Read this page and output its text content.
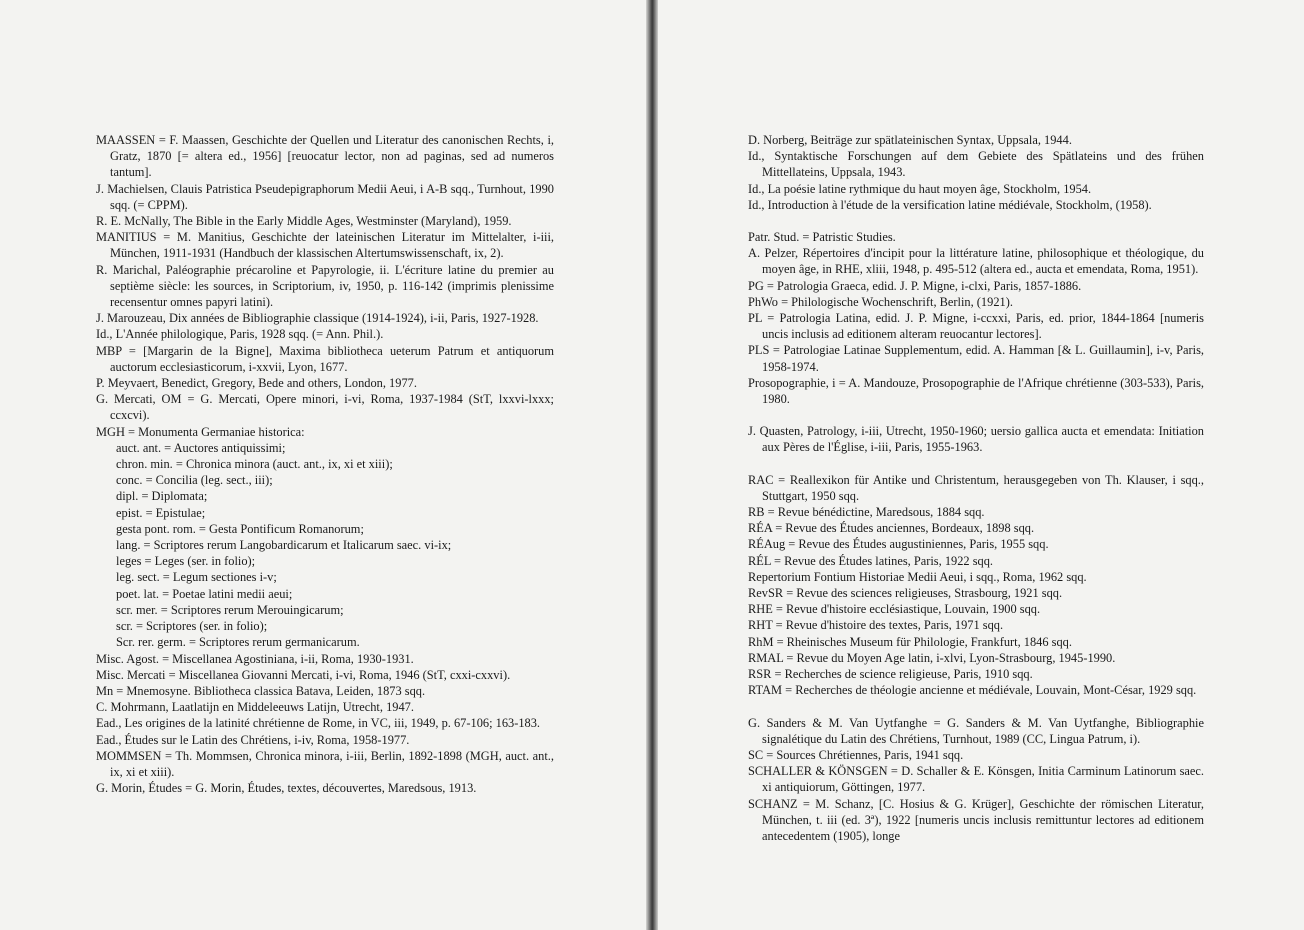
MAASSEN = F. Maassen, Geschichte der Quellen und Literatur des canonischen Rechts, i, Gratz, 1870 [= altera ed., 1956] [reuocatur lector, non ad paginas, sed ad numeros tantum].

J. Machielsen, Clauis Patristica Pseudepigraphorum Medii Aeui, i A-B sqq., Turnhout, 1990 sqq. (= CPPM).

R. E. McNally, The Bible in the Early Middle Ages, Westminster (Maryland), 1959.

MANITIUS = M. Manitius, Geschichte der lateinischen Literatur im Mittelalter, i-iii, München, 1911-1931 (Handbuch der klassischen Altertumswissenschaft, ix, 2).

R. Marichal, Paléographie précaroline et Papyrologie, ii. L'écriture latine du premier au septième siècle: les sources, in Scriptorium, iv, 1950, p. 116-142 (imprimis plenissime recensentur omnes papyri latini).

J. Marouzeau, Dix années de Bibliographie classique (1914-1924), i-ii, Paris, 1927-1928.

Id., L'Année philologique, Paris, 1928 sqq. (= Ann. Phil.).

MBP = [Margarin de la Bigne], Maxima bibliotheca ueterum Patrum et antiquorum auctorum ecclesiasticorum, i-xxvii, Lyon, 1677.

P. Meyvaert, Benedict, Gregory, Bede and others, London, 1977.

G. Mercati, OM = G. Mercati, Opere minori, i-vi, Roma, 1937-1984 (StT, lxxvi-lxxx; ccxcvi).

MGH = Monumenta Germaniae historica:

auct. ant. = Auctores antiquissimi;

chron. min. = Chronica minora (auct. ant., ix, xi et xiii);

conc. = Concilia (leg. sect., iii);

dipl. = Diplomata;

epist. = Epistulae;

gesta pont. rom. = Gesta Pontificum Romanorum;

lang. = Scriptores rerum Langobardicarum et Italicarum saec. vi-ix;

leges = Leges (ser. in folio);

leg. sect. = Legum sectiones i-v;

poet. lat. = Poetae latini medii aeui;

scr. mer. = Scriptores rerum Merouingicarum;

scr. = Scriptores (ser. in folio);

Scr. rer. germ. = Scriptores rerum germanicarum.

Misc. Agost. = Miscellanea Agostiniana, i-ii, Roma, 1930-1931.

Misc. Mercati = Miscellanea Giovanni Mercati, i-vi, Roma, 1946 (StT, cxxi-cxxvi).

Mn = Mnemosyne. Bibliotheca classica Batava, Leiden, 1873 sqq.

C. Mohrmann, Laatlatijn en Middeleeuws Latijn, Utrecht, 1947.

Ead., Les origines de la latinité chrétienne de Rome, in VC, iii, 1949, p. 67-106; 163-183.

Ead., Études sur le Latin des Chrétiens, i-iv, Roma, 1958-1977.

MOMMSEN = Th. Mommsen, Chronica minora, i-iii, Berlin, 1892-1898 (MGH, auct. ant., ix, xi et xiii).

G. Morin, Études = G. Morin, Études, textes, découvertes, Maredsous, 1913.

D. Norberg, Beiträge zur spätlateinischen Syntax, Uppsala, 1944.

Id., Syntaktische Forschungen auf dem Gebiete des Spätlateins und des frühen Mittellateins, Uppsala, 1943.

Id., La poésie latine rythmique du haut moyen âge, Stockholm, 1954.

Id., Introduction à l'étude de la versification latine médiévale, Stockholm, (1958).

Patr. Stud. = Patristic Studies.

A. Pelzer, Répertoires d'incipit pour la littérature latine, philosophique et théologique, du moyen âge, in RHE, xliii, 1948, p. 495-512 (altera ed., aucta et emendata, Roma, 1951).

PG = Patrologia Graeca, edid. J. P. Migne, i-clxi, Paris, 1857-1886.

PhWo = Philologische Wochenschrift, Berlin, (1921).

PL = Patrologia Latina, edid. J. P. Migne, i-ccxxi, Paris, ed. prior, 1844-1864 [numeris uncis inclusis ad editionem alteram reuocantur lectores].

PLS = Patrologiae Latinae Supplementum, edid. A. Hamman [& L. Guillaumin], i-v, Paris, 1958-1974.

Prosopographie, i = A. Mandouze, Prosopographie de l'Afrique chrétienne (303-533), Paris, 1980.

J. Quasten, Patrology, i-iii, Utrecht, 1950-1960; uersio gallica aucta et emendata: Initiation aux Pères de l'Église, i-iii, Paris, 1955-1963.

RAC = Reallexikon für Antike und Christentum, herausgegeben von Th. Klauser, i sqq., Stuttgart, 1950 sqq.

RB = Revue bénédictine, Maredsous, 1884 sqq.

RÉA = Revue des Études anciennes, Bordeaux, 1898 sqq.

RÉAug = Revue des Études augustiniennes, Paris, 1955 sqq.

RÉL = Revue des Études latines, Paris, 1922 sqq.

Repertorium Fontium Historiae Medii Aeui, i sqq., Roma, 1962 sqq.

RevSR = Revue des sciences religieuses, Strasbourg, 1921 sqq.

RHE = Revue d'histoire ecclésiastique, Louvain, 1900 sqq.

RHT = Revue d'histoire des textes, Paris, 1971 sqq.

RhM = Rheinisches Museum für Philologie, Frankfurt, 1846 sqq.

RMAL = Revue du Moyen Age latin, i-xlvi, Lyon-Strasbourg, 1945-1990.

RSR = Recherches de science religieuse, Paris, 1910 sqq.

RTAM = Recherches de théologie ancienne et médiévale, Louvain, Mont-César, 1929 sqq.

G. Sanders & M. Van Uytfanghe = G. Sanders & M. Van Uytfanghe, Bibliographie signalétique du Latin des Chrétiens, Turnhout, 1989 (CC, Lingua Patrum, i).

SC = Sources Chrétiennes, Paris, 1941 sqq.

SCHALLER & KÖNSGEN = D. Schaller & E. Könsgen, Initia Carminum Latinorum saec. xi antiquiorum, Göttingen, 1977.

SCHANZ = M. Schanz, [C. Hosius & G. Krüger], Geschichte der römischen Literatur, München, t. iii (ed. 3ª), 1922 [numeris uncis inclusis remittuntur lectores ad editionem antecedentem (1905), longe
